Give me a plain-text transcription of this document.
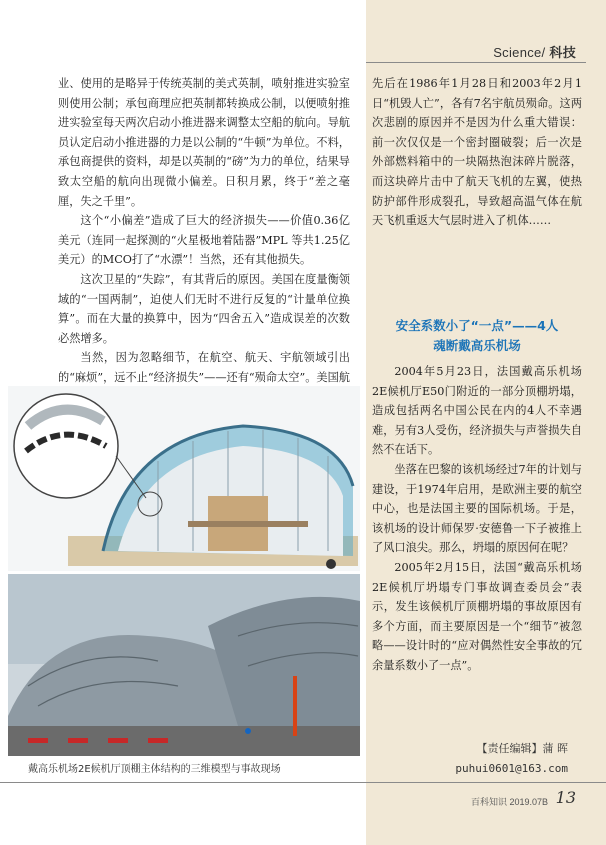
Science/ 科技

业、使用的是略异于传统英制的美式英制，喷射推进实验室则使用公制；承包商理应把英制都转换成公制，以便喷射推进实验室每天两次启动小推进器来调整太空船的航向。导航员认定启动小推进器的力是以公制的“牛顿”为单位。不料，承包商提供的资料，却是以英制的“磅”为力的单位，结果导致太空船的航向出现微小偏差。日积月累，终于“差之毫厘，失之千里”。

这个“小偏差”造成了巨大的经济损失——价值0.36亿美元（连同一起探测的“火星极地着陆器”MPL 等共1.25亿美元）的MCO打了“水漂”！当然，还有其他损失。

这次卫星的“失踪”，有其背后的原因。美国在度量衡领域的“一国两制”，迫使人们无时不进行反复的“计量单位换算”。而在大量的换算中，因为“四舍五入”造成误差的次数必然增多。

当然，因为忽略细节，在航空、航天、宇航领域引出的“麻烦”，远不止“经济损失”——还有“殒命太空”。美国航

先后在1986年1月28日和2003年2月1日“机毁人亡”，各有7名宇航员殒命。这两次悲剧的原因并不是因为什么重大错误：前一次仅仅是一个密封圈破裂；后一次是外部燃料箱中的一块隔热泡沫碎片脱落，而这块碎片击中了航天飞机的左翼，使热防护部件形成裂孔，导致超高温气体在航天飞机重返大气层时进入了机体……

安全系数小了“一点”——4人
魂断戴高乐机场

2004年5月23日，法国戴高乐机场2E候机厅E50门附近的一部分顶棚坍塌，造成包括两名中国公民在内的4人不幸遇难，另有3人受伤，经济损失与声誉损失自然不在话下。

坐落在巴黎的该机场经过7年的计划与建设，于1974年启用，是欧洲主要的航空中心，也是法国主要的国际机场。于是，该机场的设计师保罗·安德鲁一下子被推上了风口浪尖。那么，坍塌的原因何在呢？

2005年2月15日，法国“戴高乐机场2E候机厅坍塌专门事故调查委员会”表示，发生该候机厅顶棚坍塌的事故原因有多个方面，而主要原因是一个“细节”被忽略——设计时的“应对偶然性安全事故的冗余量系数小了一点”。

【责任编辑】蒲 晖
puhui0601@163.com
戴高乐机场2E候机厅顶棚主体结构的三维模型与事故现场
百科知识 2019.07B 13
